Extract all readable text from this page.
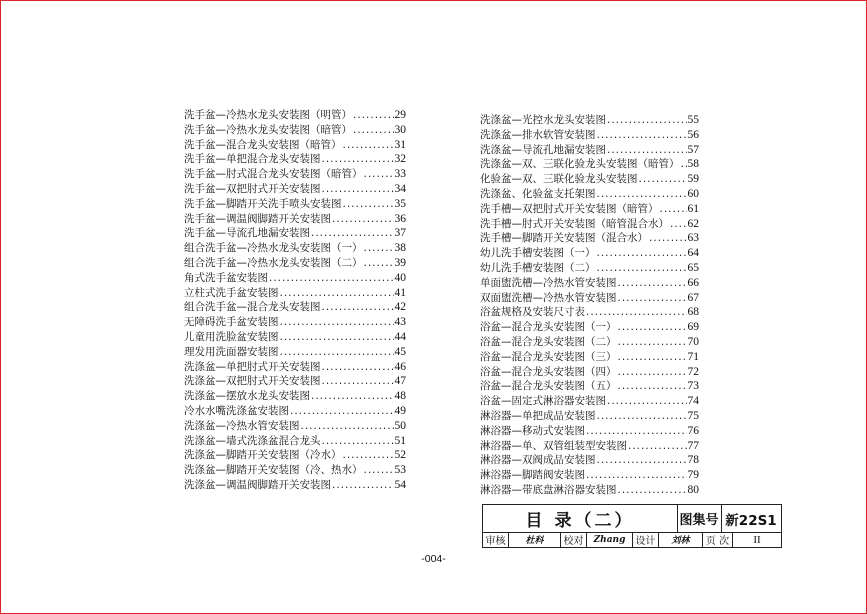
洗手盆—冷热水龙头安装图（明管） .....	29
洗手盆—冷热水龙头安装图（暗管） .....	30
洗手盆—混合龙头安装图（暗管） .....	31
洗手盆—单把混合龙头安装图 .....	32
洗手盆—肘式混合龙头安装图（暗管） .....	33
洗手盆—双把肘式开关安装图 .....	34
洗手盆—脚踏开关洗手喷头安装图 .....	35
洗手盆—调温阀脚踏开关安装图 .....	36
洗手盆—导流孔地漏安装图 .....	37
组合洗手盆—冷热水龙头安装图（一） .....	38
组合洗手盆—冷热水龙头安装图（二） .....	39
角式洗手盆安装图 .....	40
立柱式洗手盆安装图 .....	41
组合洗手盆—混合龙头安装图 .....	42
无障碍洗手盆安装图 .....	43
儿童用洗脸盆安装图 .....	44
理发用洗面器安装图 .....	45
洗涤盆—单把肘式开关安装图 .....	46
洗涤盆—双把肘式开关安装图 .....	47
洗涤盆—摆放水龙头安装图 .....	48
冷水水嘴洗涤盆安装图 .....	49
洗涤盆—冷热水管安装图 .....	50
洗涤盆—墙式洗涤盆混合龙头 .....	51
洗涤盆—脚踏开关安装图（冷水） .....	52
洗涤盆—脚踏开关安装图（冷、热水） .....	53
洗涤盆—调温阀脚踏开关安装图 .....	54
洗涤盆—光控水龙头安装图 .....	55
洗涤盆—排水软管安装图 .....	56
洗涤盆—导流孔地漏安装图 .....	57
洗涤盆—双、三联化验龙头安装图（暗管） ..... 58
化验盆—双、三联化验龙头安装图 .....	59
洗涤盆、化验盆支托架图 .....	60
洗手槽—双把肘式开关安装图（暗管） .....	61
洗手槽—肘式开关安装图（暗管混合水） ..... 62
洗手槽—脚踏开关安装图（混合水） .....	63
幼儿洗手槽安装图（一） .....	64
幼儿洗手槽安装图（二） .....	65
单面盥洗槽—冷热水管安装图 .....	66
双面盥洗槽—冷热水管安装图 .....	67
浴盆规格及安装尺寸表 .....	68
浴盆—混合龙头安装图（一） .....	69
浴盆—混合龙头安装图（二） .....	70
浴盆—混合龙头安装图（三） .....	71
浴盆—混合龙头安装图（四） .....	72
浴盆—混合龙头安装图（五） .....	73
浴盆—固定式淋浴器安装图 .....	74
淋浴器—单把成品安装图 .....	75
淋浴器—移动式安装图 .....	76
淋浴器—单、双管组装型安装图 .....	77
淋浴器—双阀成品安装图 .....	78
淋浴器—脚踏阀安装图 .....	79
淋浴器—带底盘淋浴器安装图 .....	80
目 录（二）	图集号 新22S1
审核	杜科	校对	Zhang	设计	刘林	页 次	II
-004-
